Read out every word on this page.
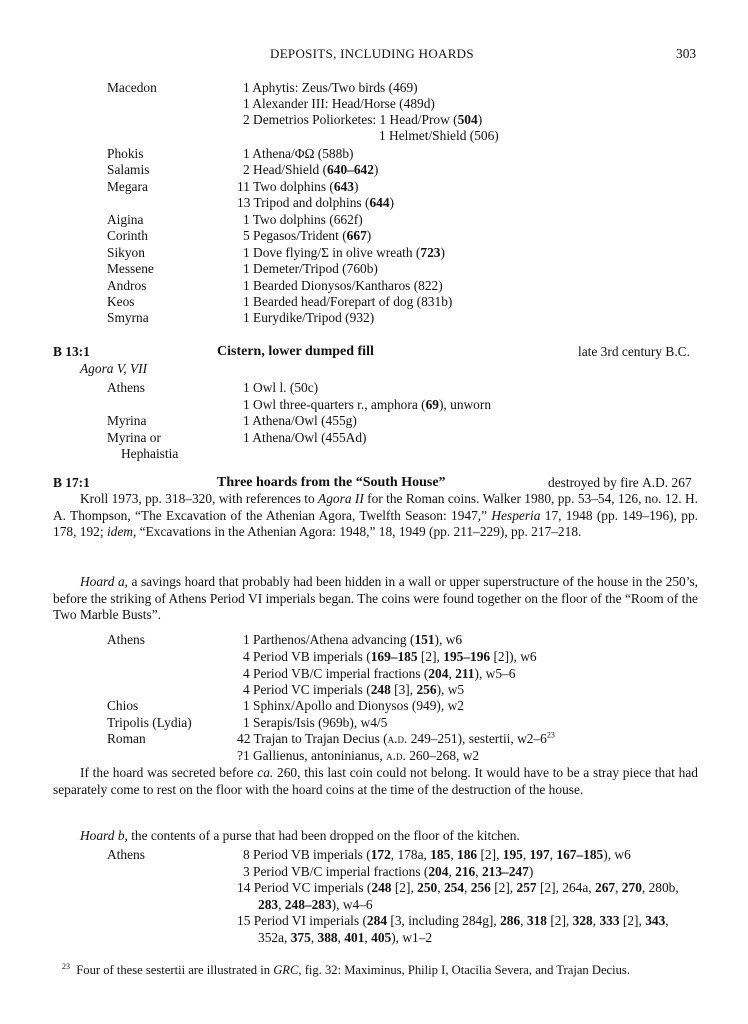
DEPOSITS, INCLUDING HOARDS	303
Macedon	1 Aphytis: Zeus/Two birds (469)
1 Alexander III: Head/Horse (489d)
2 Demetrios Poliorketes: 1 Head/Prow (504)
1 Helmet/Shield (506)
Phokis	1 Athena/ΦΩ (588b)
Salamis	2 Head/Shield (640–642)
Megara	11 Two dolphins (643)
13 Tripod and dolphins (644)
Aigina	1 Two dolphins (662f)
Corinth	5 Pegasos/Trident (667)
Sikyon	1 Dove flying/Σ in olive wreath (723)
Messene	1 Demeter/Tripod (760b)
Andros	1 Bearded Dionysos/Kantharos (822)
Keos	1 Bearded head/Forepart of dog (831b)
Smyrna	1 Eurydike/Tripod (932)
B 13:1	Cistern, lower dumped fill	late 3rd century B.C.
Agora V, VII
Athens	1 Owl l. (50c)
1 Owl three-quarters r., amphora (69), unworn
Myrina	1 Athena/Owl (455g)
Myrina or	1 Athena/Owl (455Ad)
Hephaistia
B 17:1	Three hoards from the “South House”	destroyed by fire A.D. 267

Kroll 1973, pp. 318–320, with references to Agora II for the Roman coins. Walker 1980, pp. 53–54, 126, no. 12. H. A. Thompson, “The Excavation of the Athenian Agora, Twelfth Season: 1947,” Hesperia 17, 1948 (pp. 149–196), pp. 178, 192; idem, “Excavations in the Athenian Agora: 1948,” 18, 1949 (pp. 211–229), pp. 217–218.

Hoard a, a savings hoard that probably had been hidden in a wall or upper superstructure of the house in the 250’s, before the striking of Athens Period VI imperials began. The coins were found together on the floor of the “Room of the Two Marble Busts”.

Athens	1 Parthenos/Athena advancing (151), w6
4 Period VB imperials (169–185 [2], 195–196 [2]), w6
4 Period VB/C imperial fractions (204, 211), w5–6
4 Period VC imperials (248 [3], 256), w5
Chios	1 Sphinx/Apollo and Dionysos (949), w2
Tripolis (Lydia)	1 Serapis/Isis (969b), w4/5
Roman	42 Trajan to Trajan Decius (a.d. 249–251), sestertii, $w2-6^{23}$
?1 Gallienus, antoninianus, a.d. 260–268, w2

If the hoard was secreted before ca. 260, this last coin could not belong. It would have to be a stray piece that had separately come to rest on the floor with the hoard coins at the time of the destruction of the house.

Hoard b, the contents of a purse that had been dropped on the floor of the kitchen.

Athens	8 Period VB imperials (172, 178a, 185, 186 [2], 195, 197, 167–185), w6
3 Period VB/C imperial fractions (204, 216, 213–247)
14 Period VC imperials (248 [2], 250, 254, 256 [2], 257 [2], 264a, 267, 270, 280b,
283, 248–283), w4–6
15 Period VI imperials (284 [3, including 284g], 286, 318 [2], 328, 333 [2], 343,
352a, 375, 388, 401, 405), w1–2
$^{23}$ Four of these sestertii are illustrated in GRC, fig. 32: Maximinus, Philip I, Otacilia Severa, and Trajan Decius.
